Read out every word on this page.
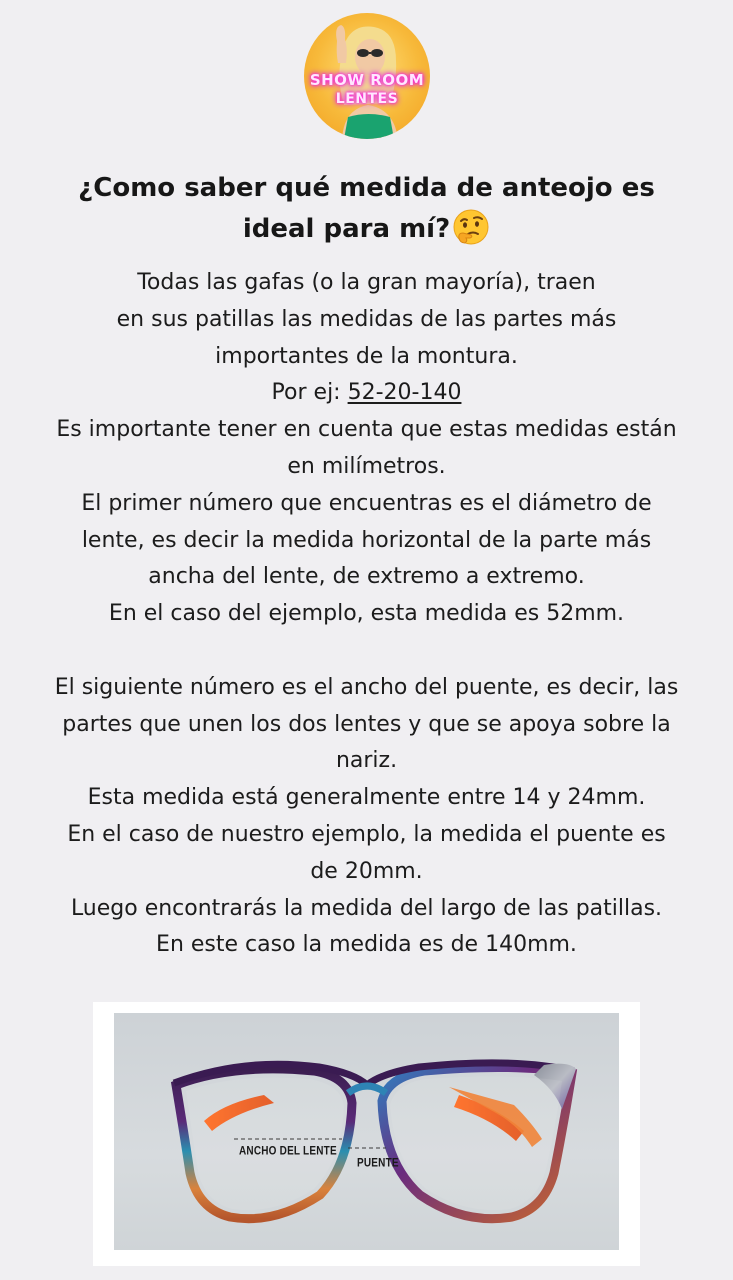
SHOW ROOM
LENTES
¿Como saber qué medida de anteojo es
ideal para mí?
Todas las gafas (o la gran mayoría), traen
en sus patillas las medidas de las partes más
importantes de la montura.
Por ej: 52-20-140
Es importante tener en cuenta que estas medidas están
en milímetros.
El primer número que encuentras es el diámetro de
lente, es decir la medida horizontal de la parte más
ancha del lente, de extremo a extremo.
En el caso del ejemplo, esta medida es 52mm.
El siguiente número es el ancho del puente, es decir, las
partes que unen los dos lentes y que se apoya sobre la
nariz.
Esta medida está generalmente entre 14 y 24mm.
En el caso de nuestro ejemplo, la medida el puente es
de 20mm.
Luego encontrarás la medida del largo de las patillas.
En este caso la medida es de 140mm.
ANCHO DEL LENTE
PUENTE
